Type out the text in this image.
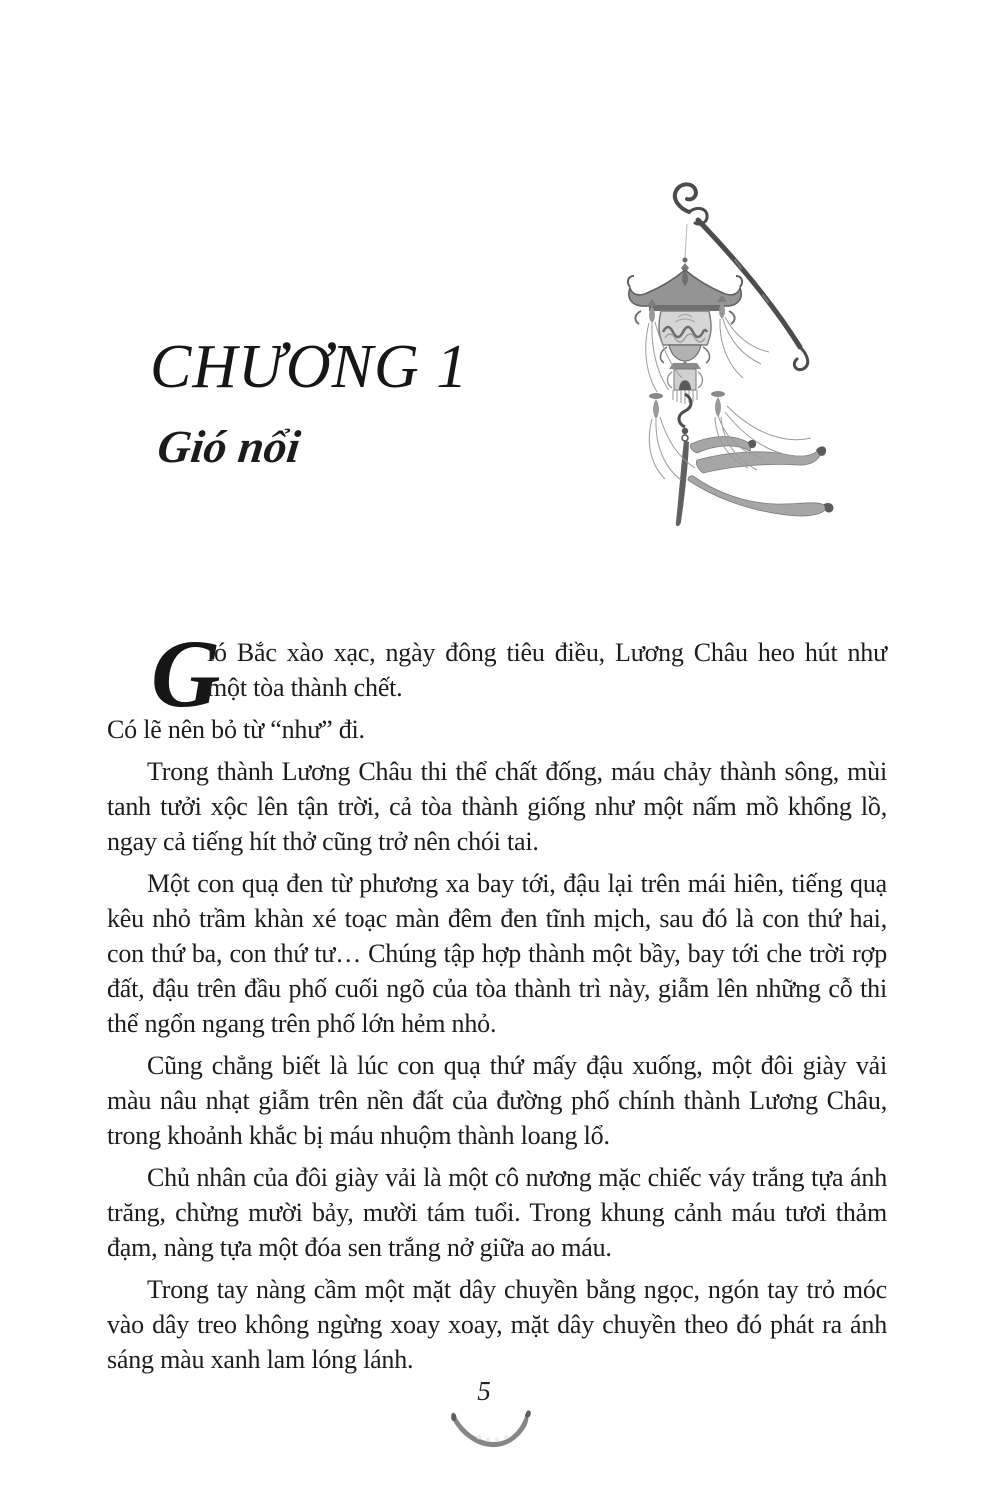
CHƯƠNG 1
Gió nổi

G
ió Bắc xào xạc, ngày đông tiêu điều, Lương Châu heo hút như một tòa thành chết.

Có lẽ nên bỏ từ “như” đi.

Trong thành Lương Châu thi thể chất đống, máu chảy thành sông, mùi tanh tưởi xộc lên tận trời, cả tòa thành giống như một nấm mồ khổng lồ, ngay cả tiếng hít thở cũng trở nên chói tai.

Một con quạ đen từ phương xa bay tới, đậu lại trên mái hiên, tiếng quạ kêu nhỏ trầm khàn xé toạc màn đêm đen tĩnh mịch, sau đó là con thứ hai, con thứ ba, con thứ tư… Chúng tập hợp thành một bầy, bay tới che trời rợp đất, đậu trên đầu phố cuối ngõ của tòa thành trì này, giẫm lên những cỗ thi thể ngổn ngang trên phố lớn hẻm nhỏ.

Cũng chẳng biết là lúc con quạ thứ mấy đậu xuống, một đôi giày vải màu nâu nhạt giẫm trên nền đất của đường phố chính thành Lương Châu, trong khoảnh khắc bị máu nhuộm thành loang lổ.

Chủ nhân của đôi giày vải là một cô nương mặc chiếc váy trắng tựa ánh trăng, chừng mười bảy, mười tám tuổi. Trong khung cảnh máu tươi thảm đạm, nàng tựa một đóa sen trắng nở giữa ao máu.

Trong tay nàng cầm một mặt dây chuyền bằng ngọc, ngón tay trỏ móc vào dây treo không ngừng xoay xoay, mặt dây chuyền theo đó phát ra ánh sáng màu xanh lam lóng lánh.

5
